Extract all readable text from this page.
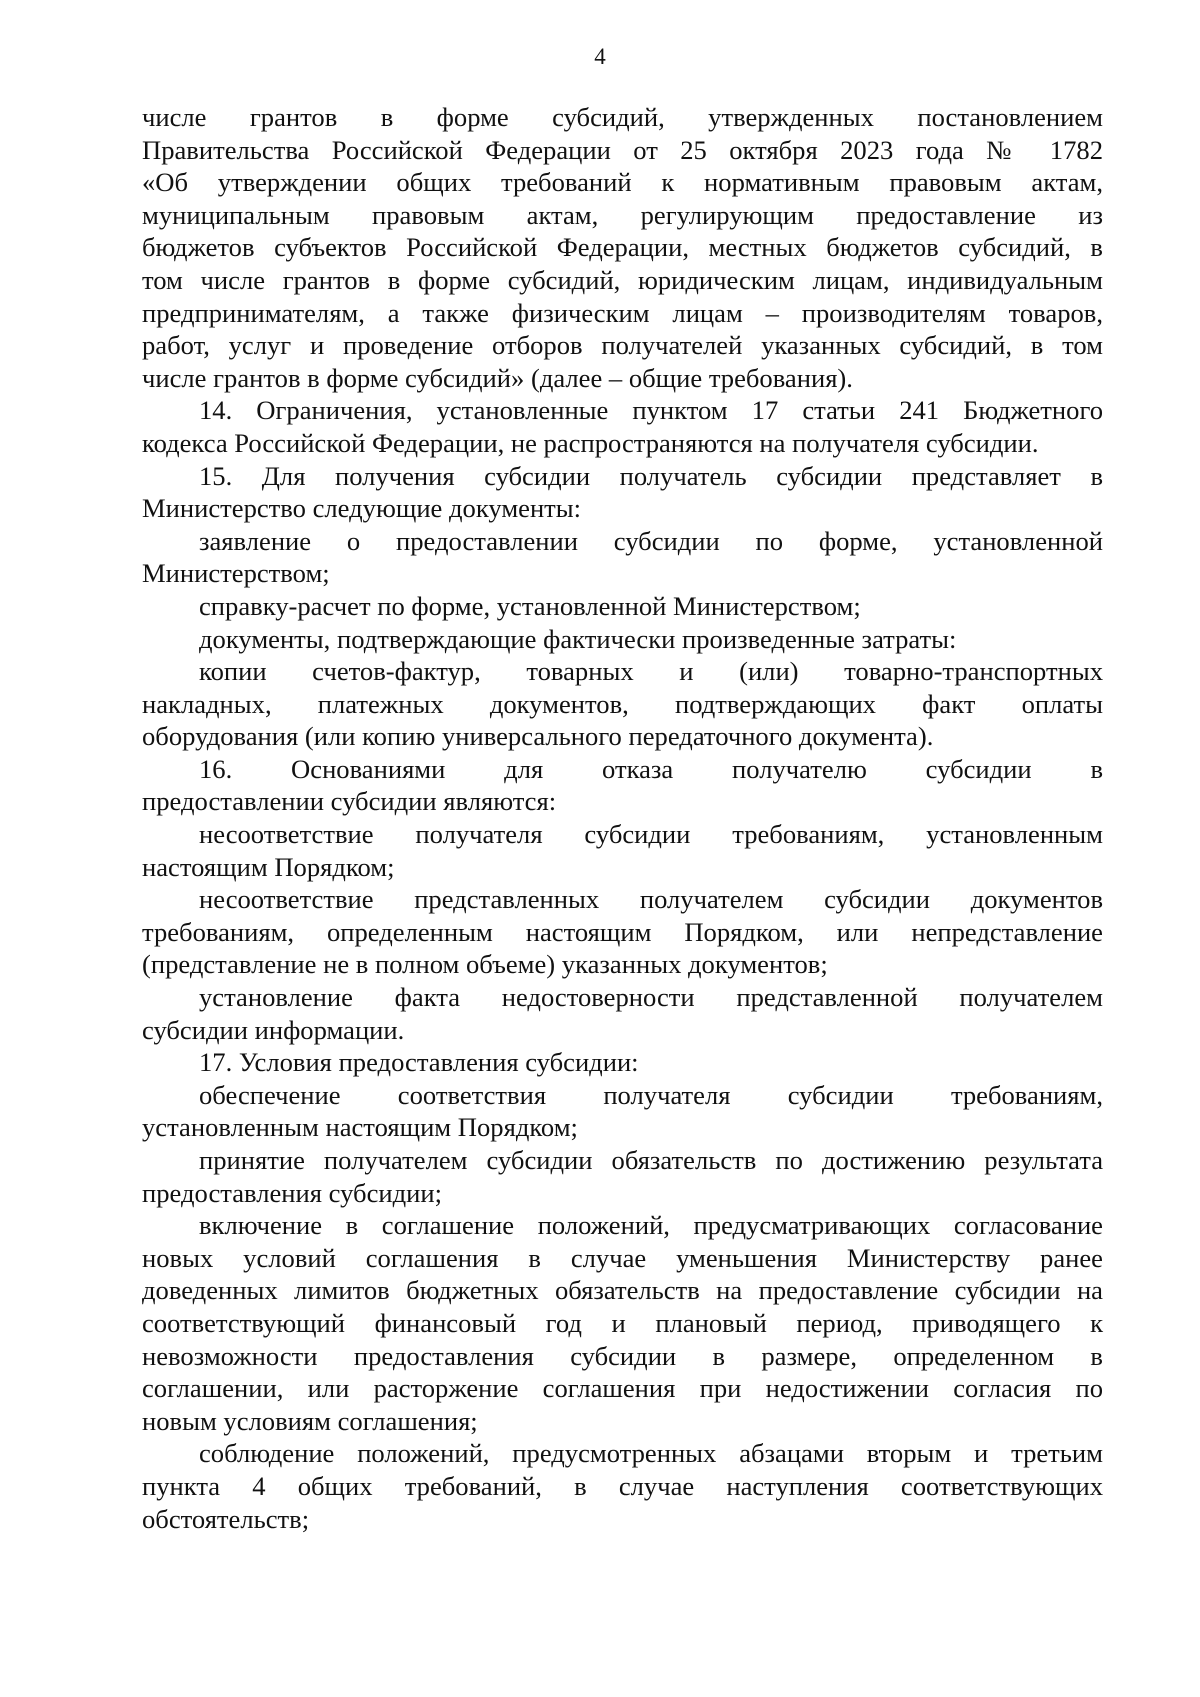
4
числе грантов в форме субсидий, утвержденных постановлением
Правительства Российской Федерации от 25 октября 2023 года № 1782
«Об утверждении общих требований к нормативным правовым актам,
муниципальным правовым актам, регулирующим предоставление из
бюджетов субъектов Российской Федерации, местных бюджетов субсидий, в
том числе грантов в форме субсидий, юридическим лицам, индивидуальным
предпринимателям, а также физическим лицам – производителям товаров,
работ, услуг и проведение отборов получателей указанных субсидий, в том
числе грантов в форме субсидий» (далее – общие требования).
14. Ограничения, установленные пунктом 17 статьи 241 Бюджетного
кодекса Российской Федерации, не распространяются на получателя субсидии.
15. Для получения субсидии получатель субсидии представляет в
Министерство следующие документы:
заявление о предоставлении субсидии по форме, установленной
Министерством;
справку-расчет по форме, установленной Министерством;
документы, подтверждающие фактически произведенные затраты:
копии счетов-фактур, товарных и (или) товарно-транспортных
накладных, платежных документов, подтверждающих факт оплаты
оборудования (или копию универсального передаточного документа).
16. Основаниями для отказа получателю субсидии в
предоставлении субсидии являются:
несоответствие получателя субсидии требованиям, установленным
настоящим Порядком;
несоответствие представленных получателем субсидии документов
требованиям, определенным настоящим Порядком, или непредставление
(представление не в полном объеме) указанных документов;
установление факта недостоверности представленной получателем
субсидии информации.
17. Условия предоставления субсидии:
обеспечение соответствия получателя субсидии требованиям,
установленным настоящим Порядком;
принятие получателем субсидии обязательств по достижению результата
предоставления субсидии;
включение в соглашение положений, предусматривающих согласование
новых условий соглашения в случае уменьшения Министерству ранее
доведенных лимитов бюджетных обязательств на предоставление субсидии на
соответствующий финансовый год и плановый период, приводящего к
невозможности предоставления субсидии в размере, определенном в
соглашении, или расторжение соглашения при недостижении согласия по
новым условиям соглашения;
соблюдение положений, предусмотренных абзацами вторым и третьим
пункта 4 общих требований, в случае наступления соответствующих
обстоятельств;
